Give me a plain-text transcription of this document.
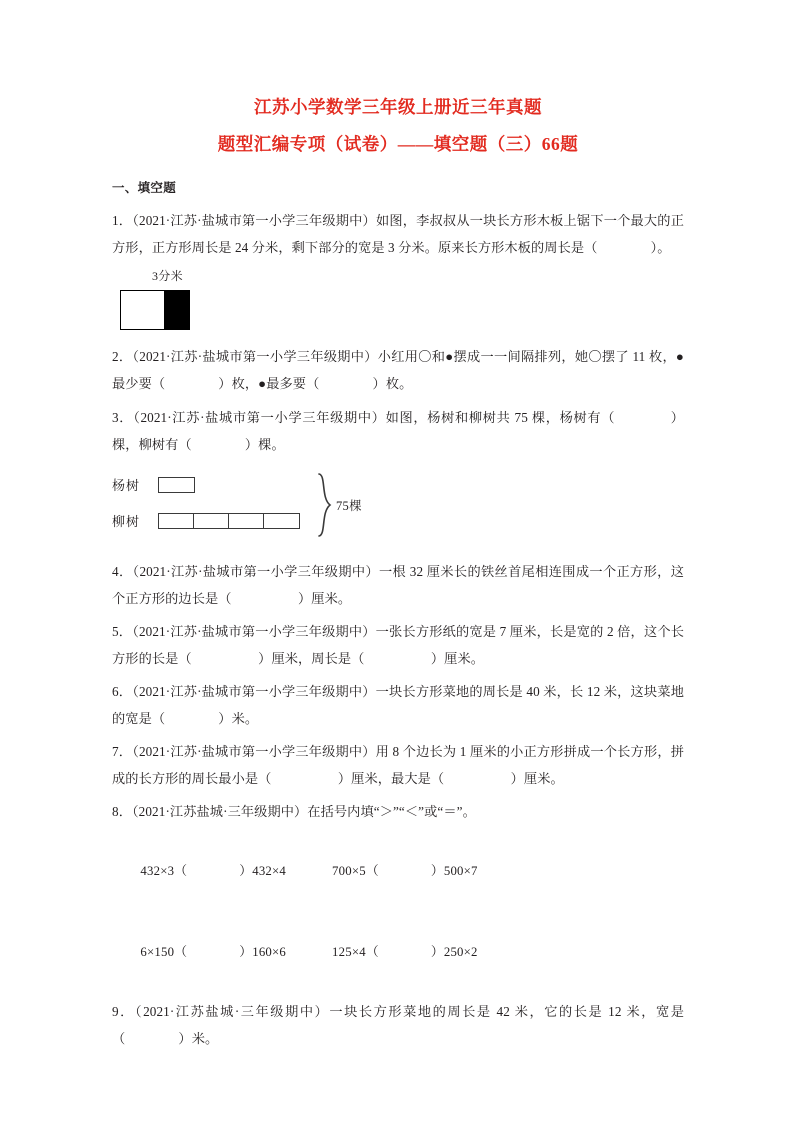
江苏小学数学三年级上册近三年真题
题型汇编专项（试卷）——填空题（三）66题
一、填空题

1．（2021·江苏·盐城市第一小学三年级期中）如图，李叔叔从一块长方形木板上锯下一个最大的正方形，正方形周长是 24 分米，剩下部分的宽是 3 分米。原来长方形木板的周长是（　　　　）。

3分米

2．（2021·江苏·盐城市第一小学三年级期中）小红用〇和●摆成一一间隔排列，她〇摆了 11 枚，●最少要（　　　　）枚，●最多要（　　　　）枚。

3．（2021·江苏·盐城市第一小学三年级期中）如图，杨树和柳树共 75 棵，杨树有（　　　　）棵，柳树有（　　　　）棵。

杨树
柳树
75棵

4．（2021·江苏·盐城市第一小学三年级期中）一根 32 厘米长的铁丝首尾相连围成一个正方形，这个正方形的边长是（　　　　　）厘米。

5．（2021·江苏·盐城市第一小学三年级期中）一张长方形纸的宽是 7 厘米，长是宽的 2 倍，这个长方形的长是（　　　　　）厘米，周长是（　　　　　）厘米。

6．（2021·江苏·盐城市第一小学三年级期中）一块长方形菜地的周长是 40 米，长 12 米，这块菜地的宽是（　　　　）米。

7．（2021·江苏·盐城市第一小学三年级期中）用 8 个边长为 1 厘米的小正方形拼成一个长方形，拼成的长方形的周长最小是（　　　　　）厘米，最大是（　　　　　）厘米。

8．（2021·江苏盐城·三年级期中）在括号内填“＞”“＜”或“＝”。

432×3（	）432×4	700×5（	）500×7

6×150（	）160×6	125×4（	）250×2

9．（2021·江苏盐城·三年级期中）一块长方形菜地的周长是 42 米，它的长是 12 米，宽是（　　　　）米。
